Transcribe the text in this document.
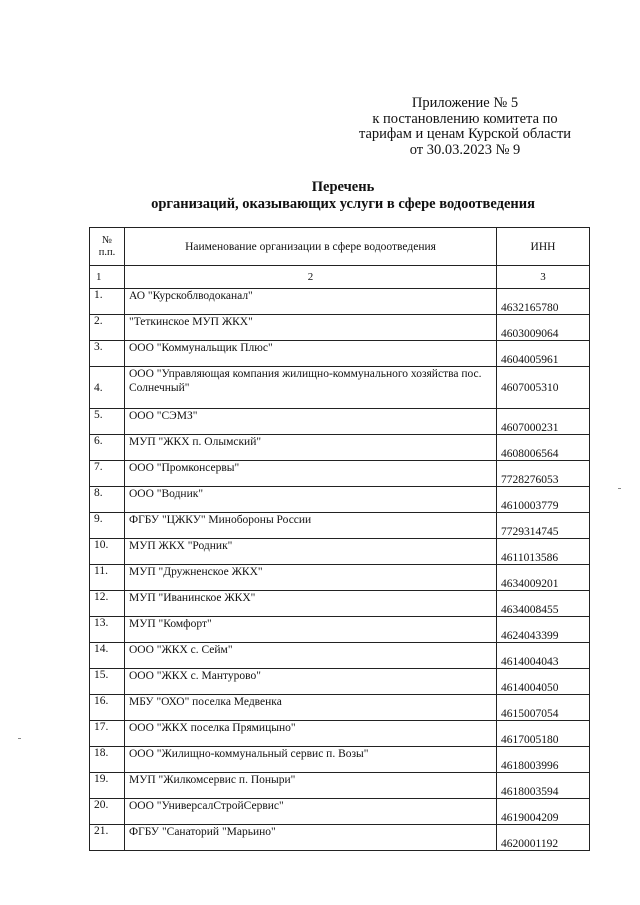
Приложение № 5
к постановлению комитета по
тарифам и ценам Курской области
от 30.03.2023 № 9
Перечень
организаций, оказывающих услуги в сфере водоотведения
№ п.п.	Наименование организации в сфере водоотведения	ИНН
1	2	3
1.	АО "Курскоблводоканал"	4632165780
2.	"Теткинское МУП ЖКХ"	4603009064
3.	ООО "Коммунальщик Плюс"	4604005961
4.	ООО "Управляющая компания жилищно-коммунального хозяйства пос. Солнечный"	4607005310
5.	ООО "СЭМЗ"	4607000231
6.	МУП "ЖКХ п. Олымский"	4608006564
7.	ООО "Промконсервы"	7728276053
8.	ООО "Водник"	4610003779
9.	ФГБУ "ЦЖКУ" Минобороны России	7729314745
10.	МУП ЖКХ "Родник"	4611013586
11.	МУП "Дружненское ЖКХ"	4634009201
12.	МУП "Иванинское ЖКХ"	4634008455
13.	МУП "Комфорт"	4624043399
14.	ООО "ЖКХ с. Сейм"	4614004043
15.	ООО "ЖКХ с. Мантурово"	4614004050
16.	МБУ "ОХО" поселка Медвенка	4615007054
17.	ООО "ЖКХ поселка Прямицыно"	4617005180
18.	ООО "Жилищно-коммунальный сервис п. Возы"	4618003996
19.	МУП "Жилкомсервис п. Поныри"	4618003594
20.	ООО "УниверсалСтройСервис"	4619004209
21.	ФГБУ "Санаторий "Марьино"	4620001192
